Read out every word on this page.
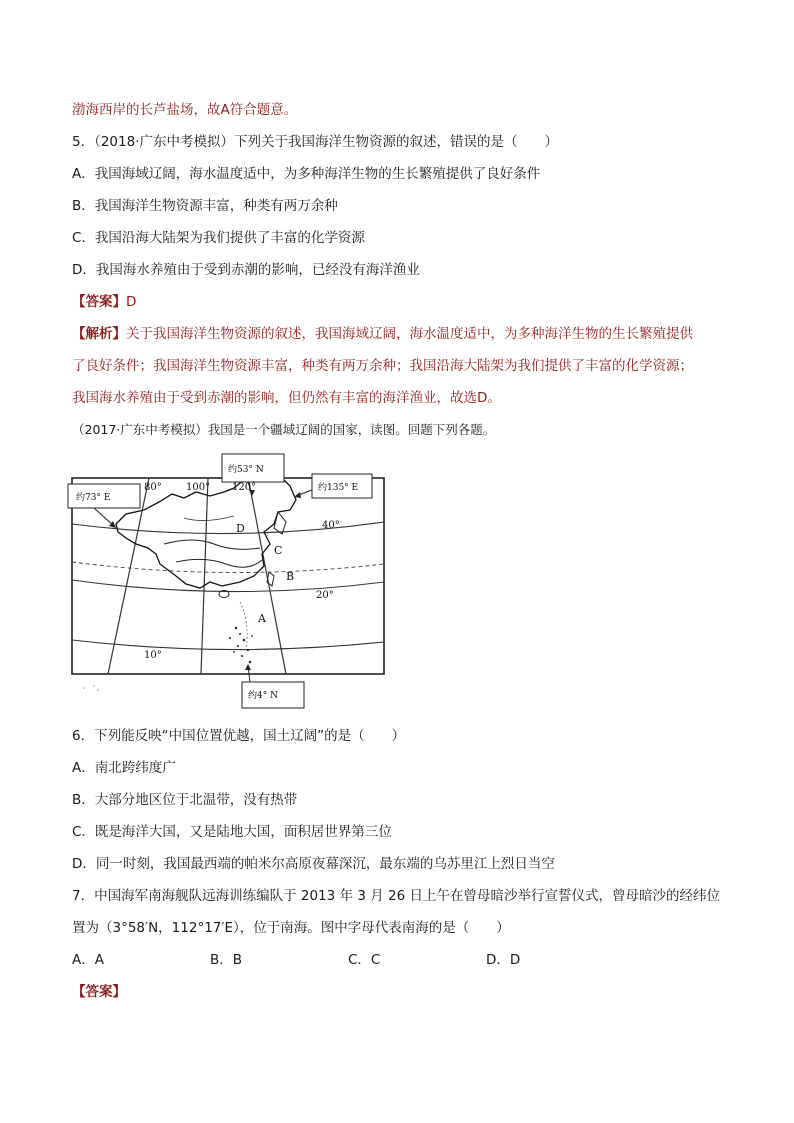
渤海西岸的长芦盐场，故A符合题意。
5．（2018·广东中考模拟）下列关于我国海洋生物资源的叙述，错误的是（　　）
A．我国海域辽阔，海水温度适中，为多种海洋生物的生长繁殖提供了良好条件
B．我国海洋生物资源丰富，种类有两万余种
C．我国沿海大陆架为我们提供了丰富的化学资源
D．我国海水养殖由于受到赤潮的影响，已经没有海洋渔业
【答案】D
【解析】关于我国海洋生物资源的叙述，我国海域辽阔，海水温度适中，为多种海洋生物的生长繁殖提供
了良好条件；我国海洋生物资源丰富，种类有两万余种；我国沿海大陆架为我们提供了丰富的化学资源；
我国海水养殖由于受到赤潮的影响，但仍然有丰富的海洋渔业，故选D。
（2017·广东中考模拟）我国是一个疆域辽阔的国家，读图。回题下列各题。
约53° N
约73° E
约135° E
约4° N
80° 100° 120°
40°
20°
10°
D
C
B
A
6．下列能反映“中国位置优越，国土辽阔”的是（　　）
A．南北跨纬度广
B．大部分地区位于北温带，没有热带
C．既是海洋大国，又是陆地大国，面积居世界第三位
D．同一时刻，我国最西端的帕米尔高原夜幕深沉，最东端的乌苏里江上烈日当空
7．中国海军南海舰队远海训练编队于 2013 年 3 月 26 日上午在曾母暗沙举行宣誓仪式，曾母暗沙的经纬位
置为（3°58′N，112°17′E），位于南海。图中字母代表南海的是（　　）
A．A	B．B	C．C	D．D
【答案】
